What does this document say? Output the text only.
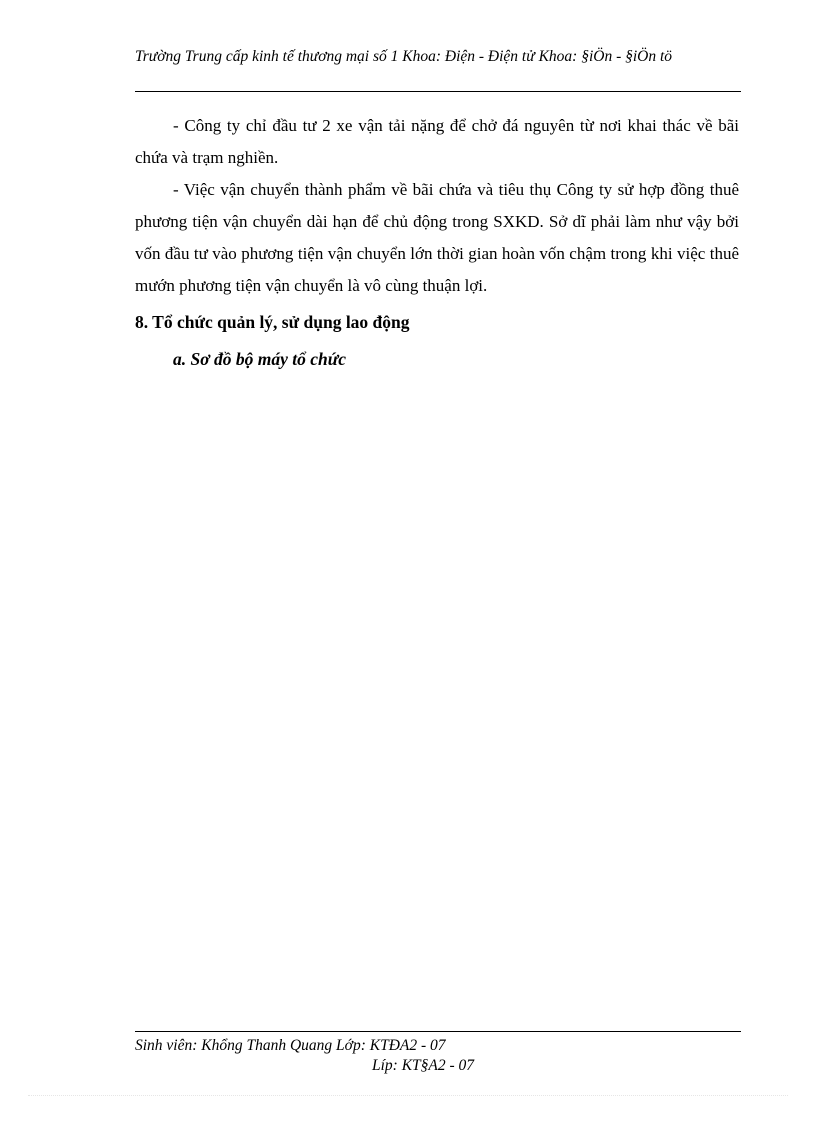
Trường Trung cấp kinh tế thương mại số 1 Khoa: Điện - Điện tử Khoa: §iÖn - §iÖn tö

- Công ty chỉ đầu tư 2 xe vận tải nặng để chở đá nguyên từ nơi khai thác về bãi chứa và trạm nghiền.

- Việc vận chuyển thành phẩm về bãi chứa và tiêu thụ Công ty sử hợp đồng thuê phương tiện vận chuyển dài hạn để chủ động trong SXKD. Sở dĩ phải làm như vậy bởi vốn đầu tư vào phương tiện vận chuyển lớn thời gian hoàn vốn chậm trong khi việc thuê mướn phương tiện vận chuyển là vô cùng thuận lợi.

8. Tổ chức quản lý, sử dụng lao động
a. Sơ đồ bộ máy tổ chức
Sinh viên: Khổng Thanh Quang Lớp: KTĐA2 - 07
Líp: KT§A2 - 07
